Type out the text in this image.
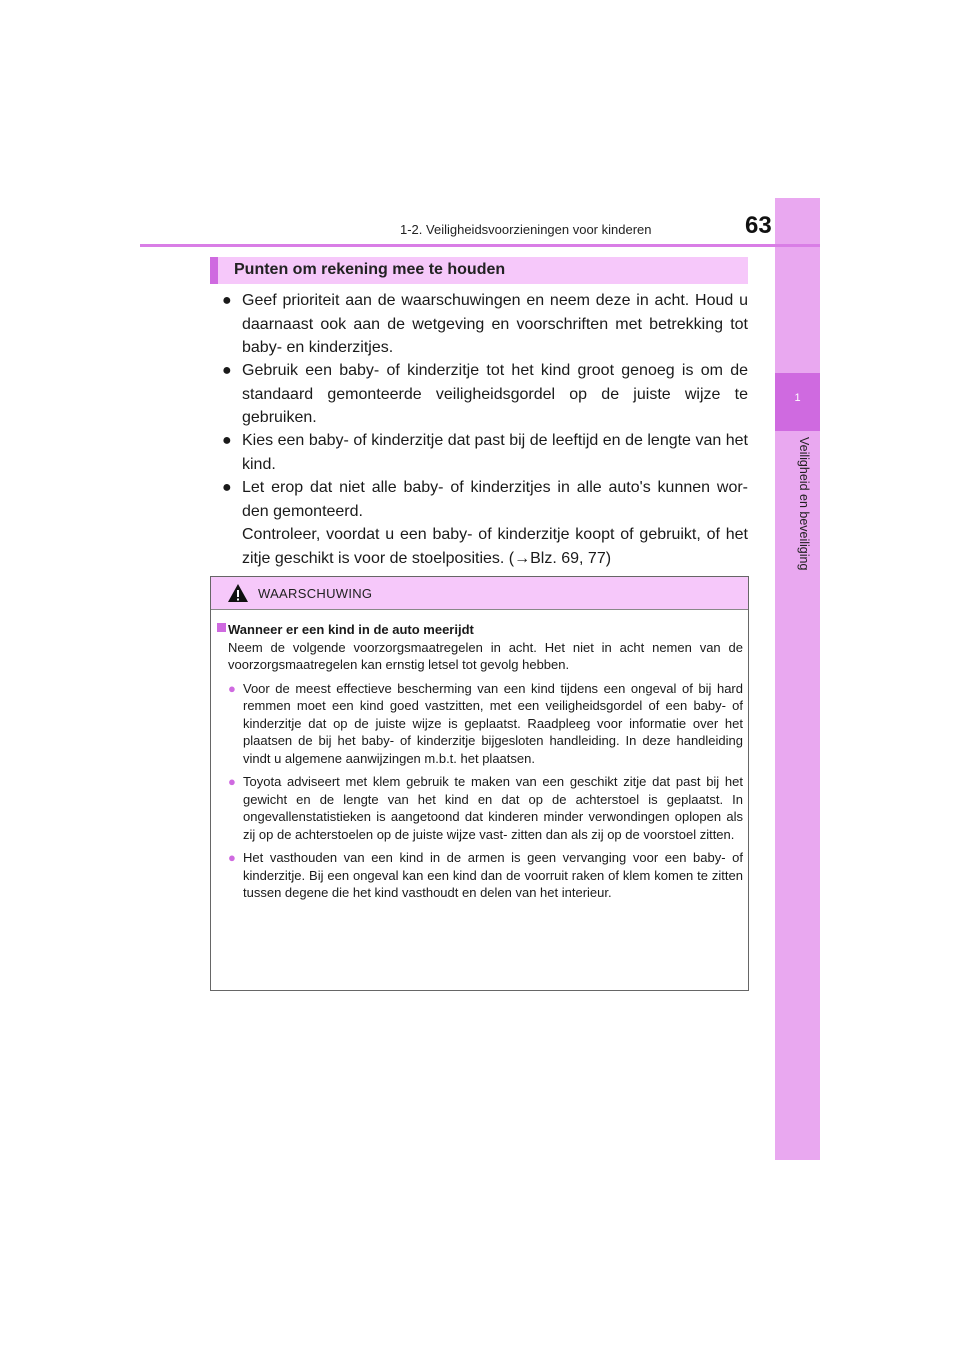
1
Veiligheid en beveiliging
1-2. Veiligheidsvoorzieningen voor kinderen	63
Punten om rekening mee te houden
● Geef prioriteit aan de waarschuwingen en neem deze in acht. Houd u daarnaast ook aan de wetgeving en voorschriften met betrekking tot baby- en kinderzitjes.

● Gebruik een baby- of kinderzitje tot het kind groot genoeg is om de standaard gemonteerde veiligheidsgordel op de juiste wijze te gebruiken.

● Kies een baby- of kinderzitje dat past bij de leeftijd en de lengte van het kind.

● Let erop dat niet alle baby- of kinderzitjes in alle auto's kunnen wor- den gemonteerd.

Controleer, voordat u een baby- of kinderzitje koopt of gebruikt, of het zitje geschikt is voor de stoelposities. (→Blz. 69, 77)

WAARSCHUWING
Wanneer er een kind in de auto meerijdt

Neem de volgende voorzorgsmaatregelen in acht. Het niet in acht nemen van de voorzorgsmaatregelen kan ernstig letsel tot gevolg hebben.

● Voor de meest effectieve bescherming van een kind tijdens een ongeval of bij hard remmen moet een kind goed vastzitten, met een veiligheidsgordel of een baby- of kinderzitje dat op de juiste wijze is geplaatst. Raadpleeg voor informatie over het plaatsen de bij het baby- of kinderzitje bijgesloten handleiding. In deze handleiding vindt u algemene aanwijzingen m.b.t. het plaatsen.

● Toyota adviseert met klem gebruik te maken van een geschikt zitje dat past bij het gewicht en de lengte van het kind en dat op de achterstoel is geplaatst. In ongevallenstatistieken is aangetoond dat kinderen minder verwondingen oplopen als zij op de achterstoelen op de juiste wijze vast- zitten dan als zij op de voorstoel zitten.

● Het vasthouden van een kind in de armen is geen vervanging voor een baby- of kinderzitje. Bij een ongeval kan een kind dan de voorruit raken of klem komen te zitten tussen degene die het kind vasthoudt en delen van het interieur.
